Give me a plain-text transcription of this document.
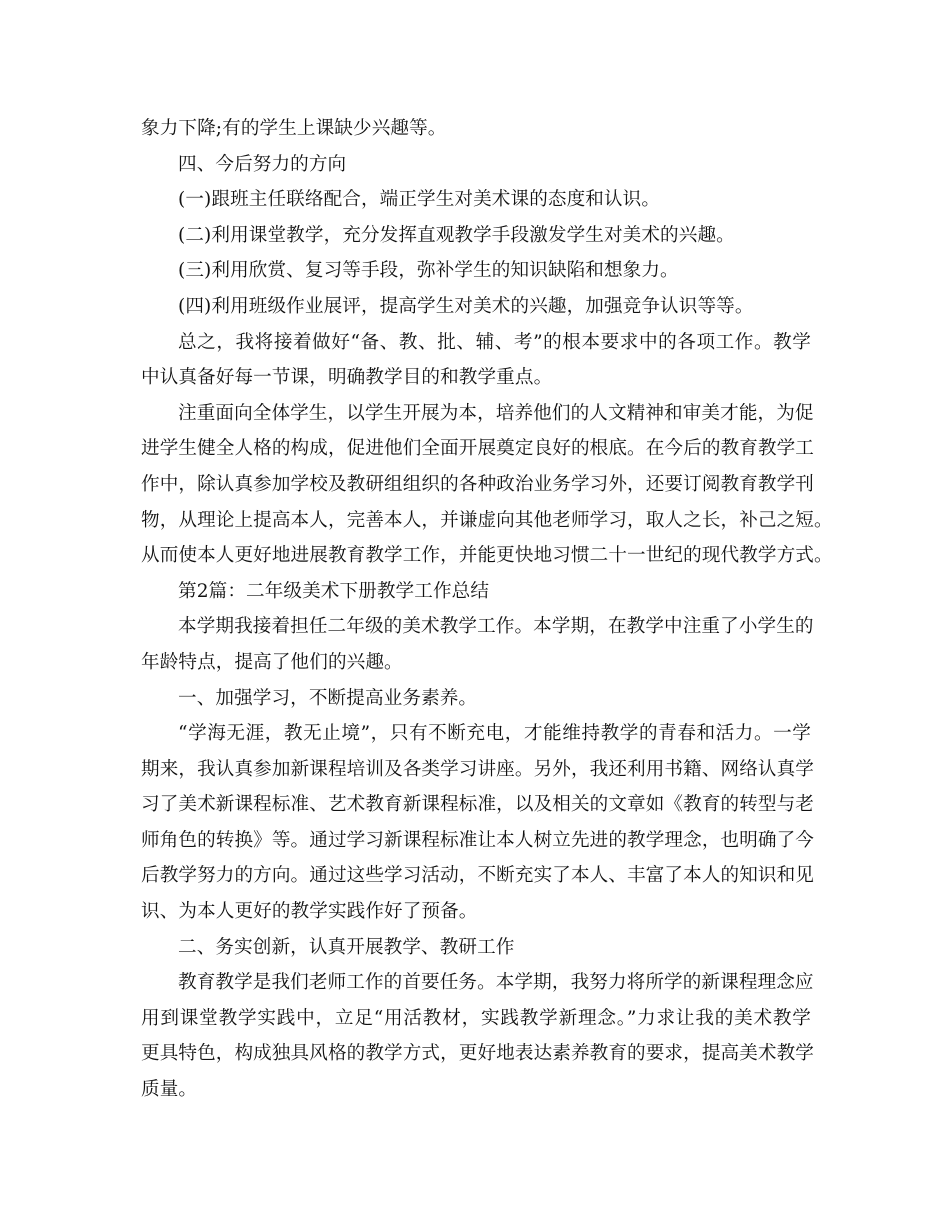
象力下降;有的学生上课缺少兴趣等。
四、今后努力的方向
(一)跟班主任联络配合，端正学生对美术课的态度和认识。
(二)利用课堂教学，充分发挥直观教学手段激发学生对美术的兴趣。
(三)利用欣赏、复习等手段，弥补学生的知识缺陷和想象力。
(四)利用班级作业展评，提高学生对美术的兴趣，加强竞争认识等等。
总之，我将接着做好“备、教、批、辅、考”的根本要求中的各项工作。教学
中认真备好每一节课，明确教学目的和教学重点。
注重面向全体学生，以学生开展为本，培养他们的人文精神和审美才能，为促
进学生健全人格的构成，促进他们全面开展奠定良好的根底。在今后的教育教学工
作中，除认真参加学校及教研组组织的各种政治业务学习外，还要订阅教育教学刊
物，从理论上提高本人，完善本人，并谦虚向其他老师学习，取人之长，补己之短。
从而使本人更好地进展教育教学工作，并能更快地习惯二十一世纪的现代教学方式。
第2篇：二年级美术下册教学工作总结
本学期我接着担任二年级的美术教学工作。本学期，在教学中注重了小学生的
年龄特点，提高了他们的兴趣。
一、加强学习，不断提高业务素养。
“学海无涯，教无止境”，只有不断充电，才能维持教学的青春和活力。一学
期来，我认真参加新课程培训及各类学习讲座。另外，我还利用书籍、网络认真学
习了美术新课程标准、艺术教育新课程标准，以及相关的文章如《教育的转型与老
师角色的转换》等。通过学习新课程标准让本人树立先进的教学理念，也明确了今
后教学努力的方向。通过这些学习活动，不断充实了本人、丰富了本人的知识和见
识、为本人更好的教学实践作好了预备。
二、务实创新，认真开展教学、教研工作
教育教学是我们老师工作的首要任务。本学期，我努力将所学的新课程理念应
用到课堂教学实践中，立足“用活教材，实践教学新理念。”力求让我的美术教学
更具特色，构成独具风格的教学方式，更好地表达素养教育的要求，提高美术教学
质量。
